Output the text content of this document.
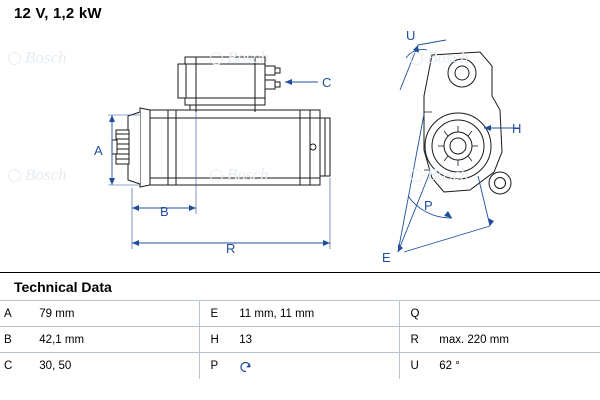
12 V, 1,2 kW
Bosch	Bosch	Bosch
Bosch	Bosch	Bosch
A
B
C
R
U
H
P
E
Technical Data
A	79 mm	E	11 mm, 11 mm	Q	
B	42,1 mm	H	13	R	max. 220 mm
C	30, 50	P		U	62 °
